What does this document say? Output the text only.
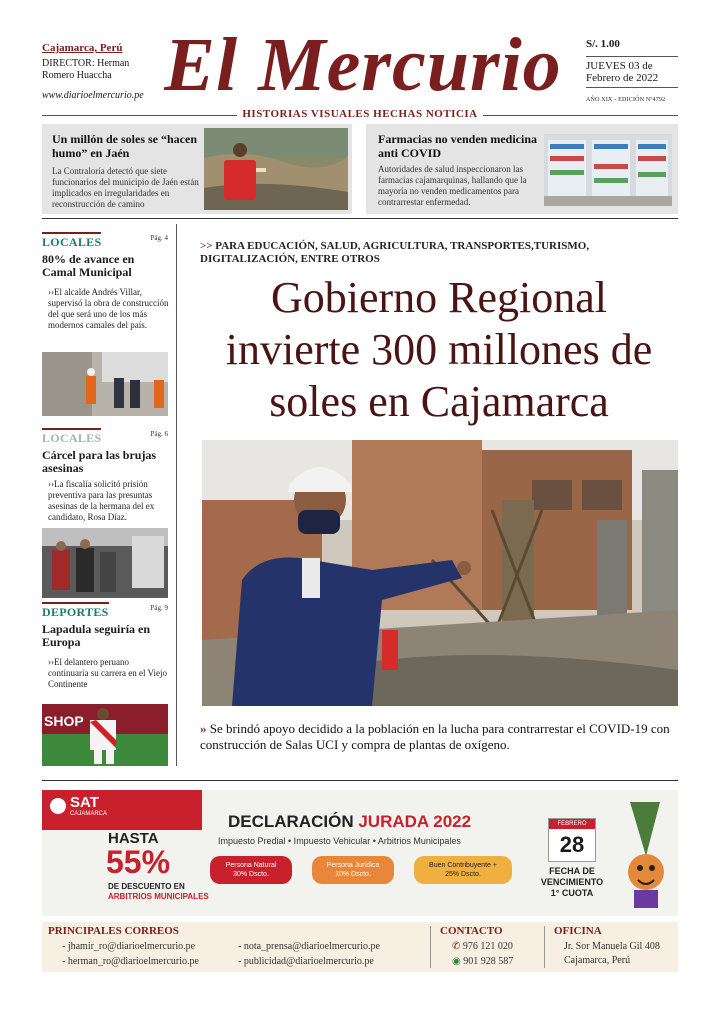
Cajamarca, Perú
DIRECTOR: Herman Romero Huaccha
www.diarioelmercurio.pe El Mercurio	S/. 1.00
JUEVES 03 de Febrero de 2022
AÑO XIX - EDICIÓN Nº4792
HISTORIAS VISUALES HECHAS NOTICIA
Un millón de soles se “hacen humo” en Jaén

La Contraloría detectó que siete funcionarios del municipio de Jaén están implicados en irregularidades en reconstrucción de camino

Farmacias no venden medicina anti COVID

Autoridades de salud inspeccionaron las farmacias cajamarquinas, hallando que la mayoría no venden medicamentos para contrarrestar enfermedad.

LOCALES	Pág. 4
80% de avance en Camal Municipal
››El alcalde Andrés Villar, supervisó la obra de construcción del que será uno de los más modernos camales del país.
LOCALES	Pág. 6
Cárcel para las brujas asesinas
››La fiscalía solicitó prisión preventiva para las presuntas asesinas de la hermana del ex candidato, Rosa Díaz.
DEPORTES	Pág. 9
Lapadula seguiría en Europa
››El delantero peruano continuaría su carrera en el Viejo Continente
SHOP
>> PARA EDUCACIÓN, SALUD, AGRICULTURA, TRANSPORTES,TURISMO, DIGITALIZACIÓN, ENTRE OTROS
Gobierno Regional invierte 300 millones de soles en Cajamarca
» Se brindó apoyo decidido a la población en la lucha para contrarrestar el COVID-19 con construcción de Salas UCI y compra de plantas de oxígeno.
SAT
CAJAMARCA
HASTA
55%
DE DESCUENTO EN
ARBITRIOS MUNICIPALES
DECLARACIÓN JURADA 2022
Impuesto Predial • Impuesto Vehicular • Arbitrios Municipales
Persona Natural 30% Dscto.
Persona Jurídica 10% Dscto.
Buen Contribuyente + 25% Dscto.
FEBRERO
28
FECHA DE VENCIMIENTO 1° CUOTA
PRINCIPALES CORREOS
- jhamir_ro@diarioelmercurio.pe
- herman_ro@diarioelmercurio.pe
- nota_prensa@diarioelmercurio.pe
- publicidad@diarioelmercurio.pe
CONTACTO
✆ 976 121 020
◉ 901 928 587
OFICINA
Jr. Sor Manuela Gil 408 Cajamarca, Perú
